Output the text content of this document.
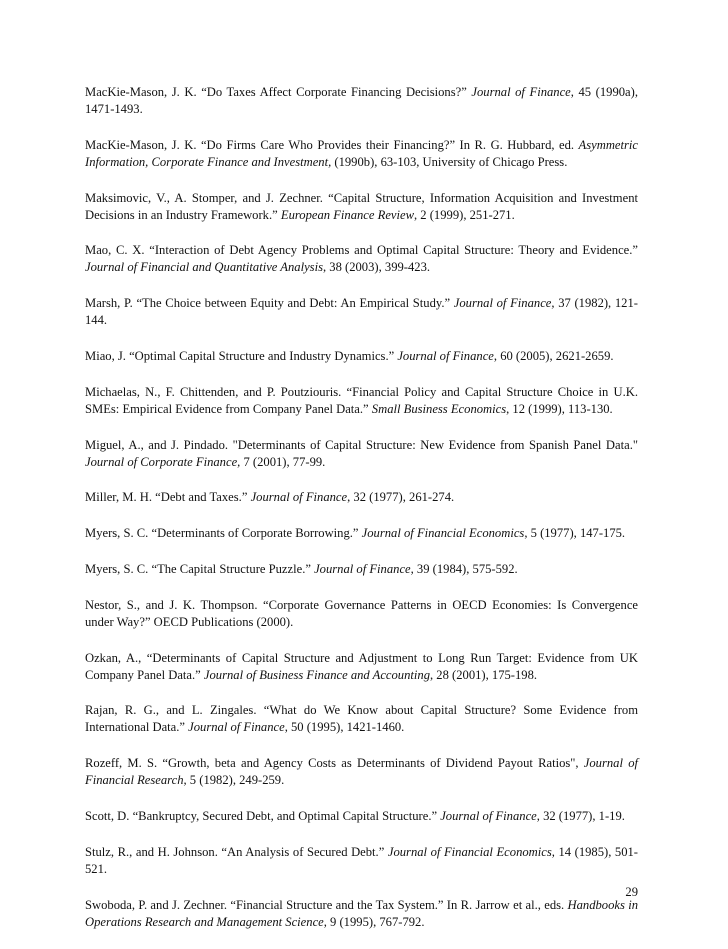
MacKie-Mason, J. K. “Do Taxes Affect Corporate Financing Decisions?” Journal of Finance, 45 (1990a), 1471-1493.

MacKie-Mason, J. K. “Do Firms Care Who Provides their Financing?” In R. G. Hubbard, ed. Asymmetric Information, Corporate Finance and Investment, (1990b), 63-103, University of Chicago Press.

Maksimovic, V., A. Stomper, and J. Zechner. “Capital Structure, Information Acquisition and Investment Decisions in an Industry Framework.” European Finance Review, 2 (1999), 251-271.

Mao, C. X. “Interaction of Debt Agency Problems and Optimal Capital Structure: Theory and Evidence.” Journal of Financial and Quantitative Analysis, 38 (2003), 399-423.

Marsh, P. “The Choice between Equity and Debt: An Empirical Study.” Journal of Finance, 37 (1982), 121-144.

Miao, J. “Optimal Capital Structure and Industry Dynamics.” Journal of Finance, 60 (2005), 2621-2659.

Michaelas, N., F. Chittenden, and P. Poutziouris. “Financial Policy and Capital Structure Choice in U.K. SMEs: Empirical Evidence from Company Panel Data.” Small Business Economics, 12 (1999), 113-130.

Miguel, A., and J. Pindado. "Determinants of Capital Structure: New Evidence from Spanish Panel Data." Journal of Corporate Finance, 7 (2001), 77-99.

Miller, M. H. “Debt and Taxes.” Journal of Finance, 32 (1977), 261-274.

Myers, S. C. “Determinants of Corporate Borrowing.” Journal of Financial Economics, 5 (1977), 147-175.

Myers, S. C. “The Capital Structure Puzzle.” Journal of Finance, 39 (1984), 575-592.

Nestor, S., and J. K. Thompson. “Corporate Governance Patterns in OECD Economies: Is Convergence under Way?” OECD Publications (2000).

Ozkan, A., “Determinants of Capital Structure and Adjustment to Long Run Target: Evidence from UK Company Panel Data.” Journal of Business Finance and Accounting, 28 (2001), 175-198.

Rajan, R. G., and L. Zingales. “What do We Know about Capital Structure? Some Evidence from International Data.” Journal of Finance, 50 (1995), 1421-1460.

Rozeff, M. S. “Growth, beta and Agency Costs as Determinants of Dividend Payout Ratios", Journal of Financial Research, 5 (1982), 249-259.

Scott, D. “Bankruptcy, Secured Debt, and Optimal Capital Structure.” Journal of Finance, 32 (1977), 1-19.

Stulz, R., and H. Johnson. “An Analysis of Secured Debt.” Journal of Financial Economics, 14 (1985), 501-521.

Swoboda, P. and J. Zechner. “Financial Structure and the Tax System.” In R. Jarrow et al., eds. Handbooks in Operations Research and Management Science, 9 (1995), 767-792.

29
